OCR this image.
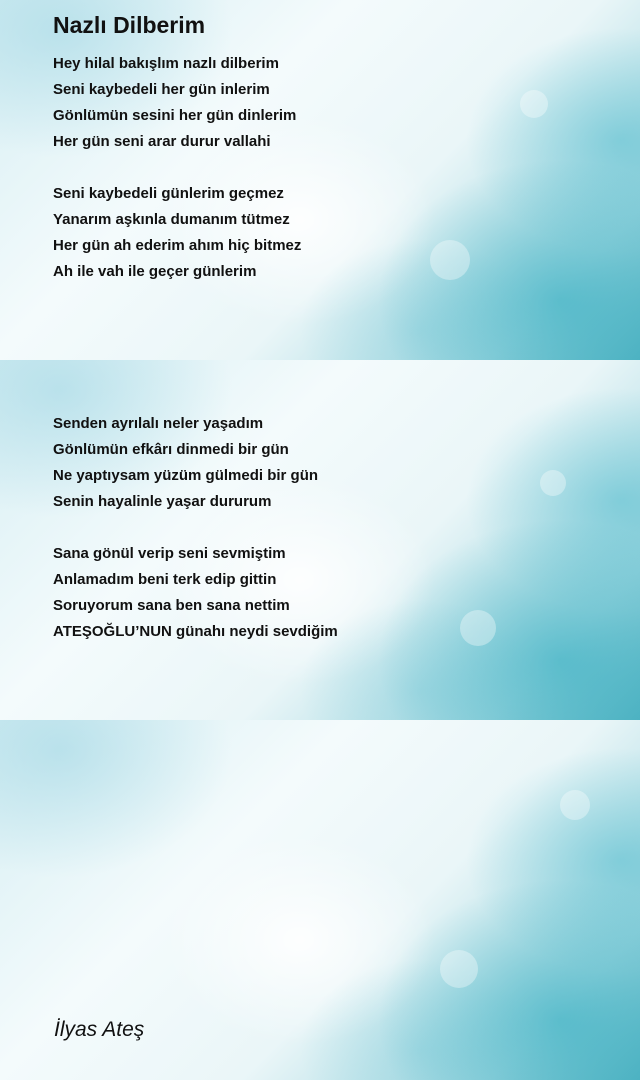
Nazlı Dilberim
Hey hilal bakışlım nazlı dilberim
Seni kaybedeli her gün inlerim
Gönlümün sesini her gün dinlerim
Her gün seni arar durur vallahi
Seni kaybedeli günlerim geçmez
Yanarım aşkınla dumanım tütmez
Her gün ah ederim ahım hiç bitmez
Ah ile vah ile geçer günlerim
Senden ayrılalı neler yaşadım
Gönlümün efkârı dinmedi bir gün
Ne yaptıysam yüzüm gülmedi bir gün
Senin hayalinle yaşar dururum
Sana gönül verip seni sevmiştim
Anlamadım beni terk edip gittin
Soruyorum sana ben sana nettim
ATEŞOĞLU’NUN günahı neydi sevdiğim
İlyas Ateş
